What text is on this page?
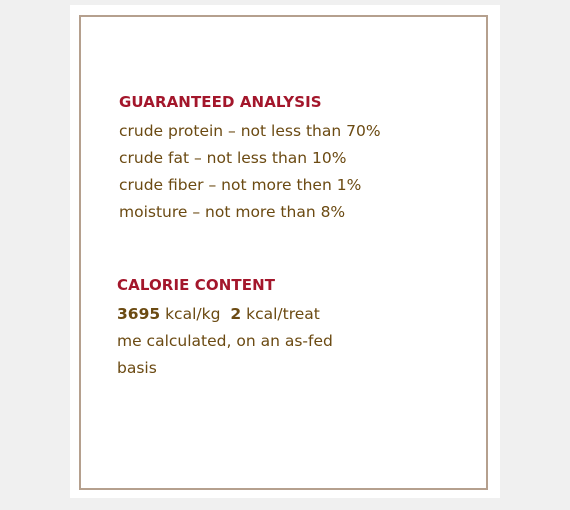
GUARANTEED ANALYSIS
crude protein – not less than 70%
crude fat – not less than 10%
crude fiber – not more then 1%
moisture – not more than 8%
CALORIE CONTENT
3695 kcal/kg 2 kcal/treat
me calculated, on an as-fed
basis
